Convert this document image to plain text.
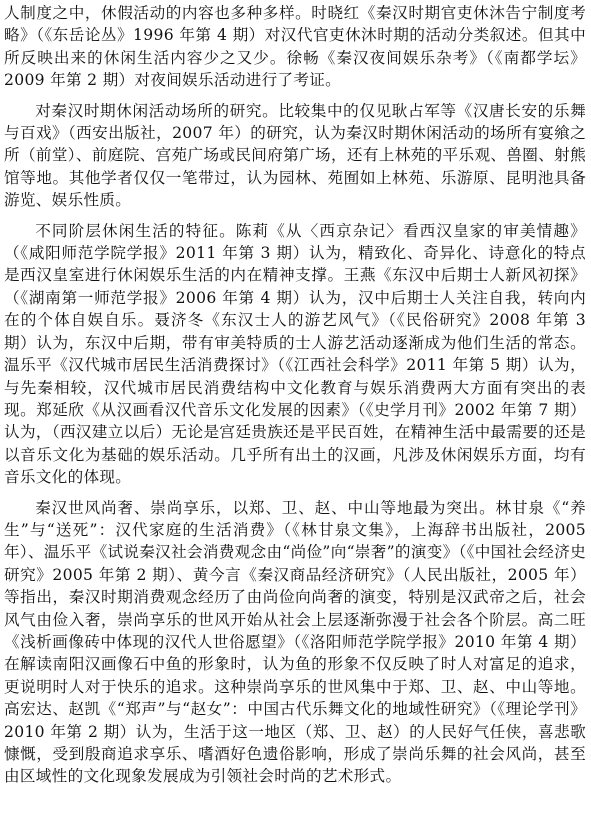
人制度之中，休假活动的内容也多种多样。时晓红《秦汉时期官吏休沐告宁制度考略》（《东岳论丛》1996 年第 4 期）对汉代官吏休沐时期的活动分类叙述。但其中所反映出来的休闲生活内容少之又少。徐畅《秦汉夜间娱乐杂考》（《南都学坛》2009 年第 2 期）对夜间娱乐活动进行了考证。

对秦汉时期休闲活动场所的研究。比较集中的仅见耿占军等《汉唐长安的乐舞与百戏》（西安出版社，2007 年）的研究，认为秦汉时期休闲活动的场所有宴飨之所（前堂）、前庭院、宫苑广场或民间府第广场，还有上林苑的平乐观、兽圈、射熊馆等地。其他学者仅仅一笔带过，认为园林、苑囿如上林苑、乐游原、昆明池具备游览、娱乐性质。

不同阶层休闲生活的特征。陈莉《从〈西京杂记〉看西汉皇家的审美情趣》（《咸阳师范学院学报》2011 年第 3 期）认为，精致化、奇异化、诗意化的特点是西汉皇室进行休闲娱乐生活的内在精神支撑。王燕《东汉中后期士人新风初探》（《湖南第一师范学报》2006 年第 4 期）认为，汉中后期士人关注自我，转向内在的个体自娱自乐。聂济冬《东汉士人的游艺风气》（《民俗研究》2008 年第 3 期）认为，东汉中后期，带有审美特质的士人游艺活动逐渐成为他们生活的常态。温乐平《汉代城市居民生活消费探讨》（《江西社会科学》2011 年第 5 期）认为，与先秦相较，汉代城市居民消费结构中文化教育与娱乐消费两大方面有突出的表现。郑延欣《从汉画看汉代音乐文化发展的因素》（《史学月刊》2002 年第 7 期）认为，（西汉建立以后）无论是宫廷贵族还是平民百姓，在精神生活中最需要的还是以音乐文化为基础的娱乐活动。几乎所有出土的汉画，凡涉及休闲娱乐方面，均有音乐文化的体现。

秦汉世风尚奢、崇尚享乐，以郑、卫、赵、中山等地最为突出。林甘泉《“养生”与“送死”：汉代家庭的生活消费》（《林甘泉文集》，上海辞书出版社，2005 年）、温乐平《试说秦汉社会消费观念由“尚俭”向“崇奢”的演变》（《中国社会经济史研究》2005 年第 2 期）、黄今言《秦汉商品经济研究》（人民出版社，2005 年）等指出，秦汉时期消费观念经历了由尚俭向尚奢的演变，特别是汉武帝之后，社会风气由俭入奢，崇尚享乐的世风开始从社会上层逐渐弥漫于社会各个阶层。高二旺《浅析画像砖中体现的汉代人世俗愿望》（《洛阳师范学院学报》2010 年第 4 期）在解读南阳汉画像石中鱼的形象时，认为鱼的形象不仅反映了时人对富足的追求，更说明时人对于快乐的追求。这种崇尚享乐的世风集中于郑、卫、赵、中山等地。高宏达、赵凯《“郑声”与“赵女”：中国古代乐舞文化的地域性研究》（《理论学刊》2010 年第 2 期）认为，生活于这一地区（郑、卫、赵）的人民好气任侠，喜悲歌慷慨，受到殷商追求享乐、嗜酒好色遗俗影响，形成了崇尚乐舞的社会风尚，甚至由区域性的文化现象发展成为引领社会时尚的艺术形式。
